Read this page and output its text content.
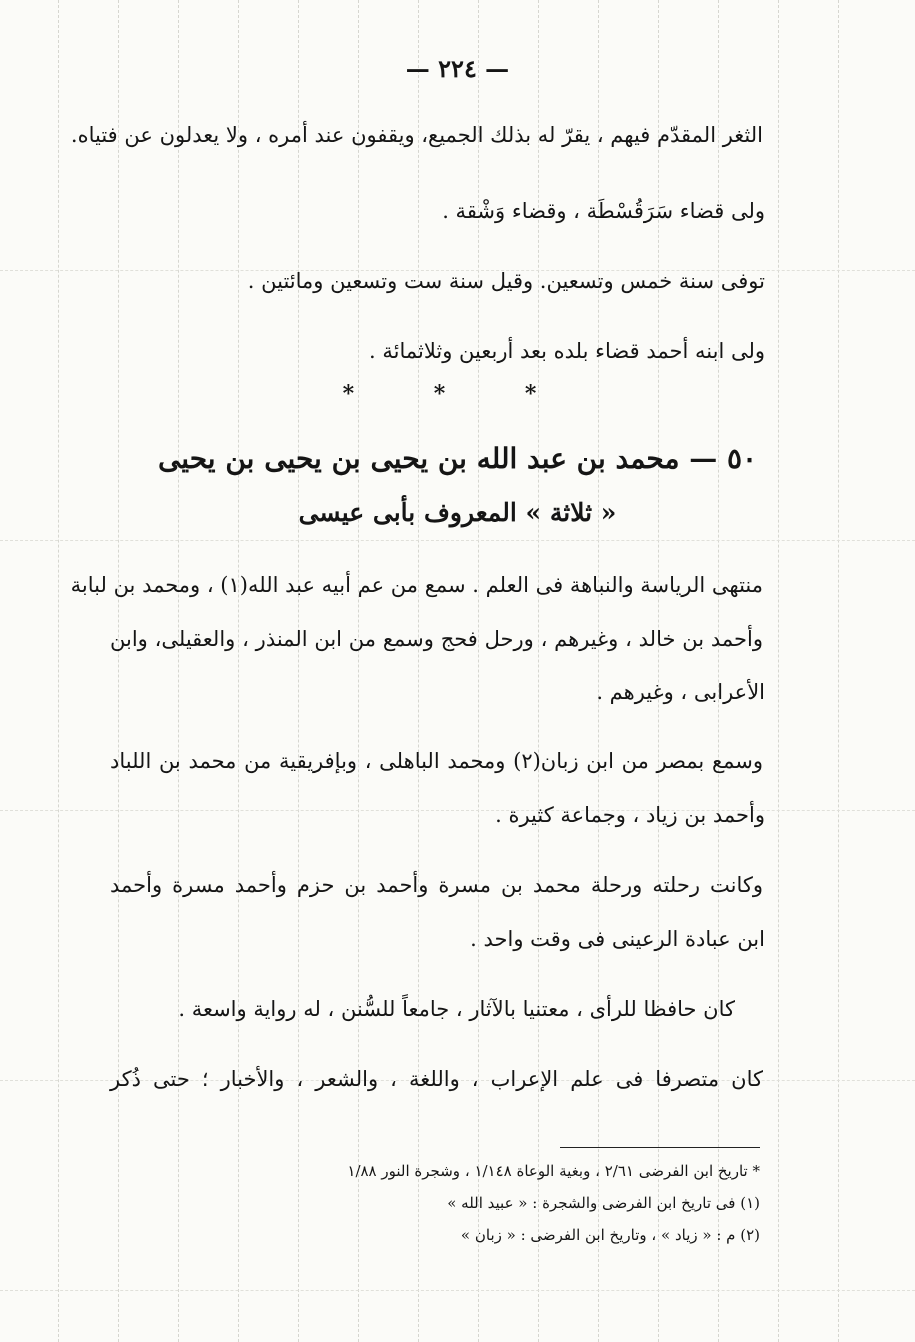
— ٢٢٤ —
الثغر المقدّم فيهم ، يقرّ له بذلك الجميع، ويقفون عند أمره ، ولا يعدلون عن فتياه.
ولى قضاء سَرَقُسْطَة ، وقضاء وَشْقة .
توفى سنة خمس وتسعين. وقيل سنة ست وتسعين ومائتين .
ولى ابنه أحمد قضاء بلده بعد أربعين وثلاثمائة .
* * *
٥٠ — محمد بن عبد الله بن يحيى بن يحيى بن يحيى
« ثلاثة » المعروف بأبى عيسى
منتهى الرياسة والنباهة فى العلم . سمع من عم أبيه عبد الله(١) ، ومحمد بن لبابة
وأحمد بن خالد ، وغيرهم ، ورحل فحج وسمع من ابن المنذر ، والعقيلى، وابن
الأعرابى ، وغيرهم .
وسمع بمصر من ابن زبان(٢) ومحمد الباهلى ، وبإفريقية من محمد بن اللباد
وأحمد بن زياد ، وجماعة كثيرة .
وكانت رحلته ورحلة محمد بن مسرة وأحمد بن حزم وأحمد مسرة وأحمد
ابن عبادة الرعينى فى وقت واحد .
كان حافظا للرأى ، معتنيا بالآثار ، جامعاً للسُّنن ، له رواية واسعة .
كان متصرفا فى علم الإعراب ، واللغة ، والشعر ، والأخبار ؛ حتى ذُكر
* تاريخ ابن الفرضى ٢/٦١ ، وبغية الوعاة ١/١٤٨ ، وشجرة النور ١/٨٨
(١) فى تاريخ ابن الفرضى والشجرة : « عبيد الله »
(٢) م : « زياد » ، وتاريخ ابن الفرضى : « زبان »
